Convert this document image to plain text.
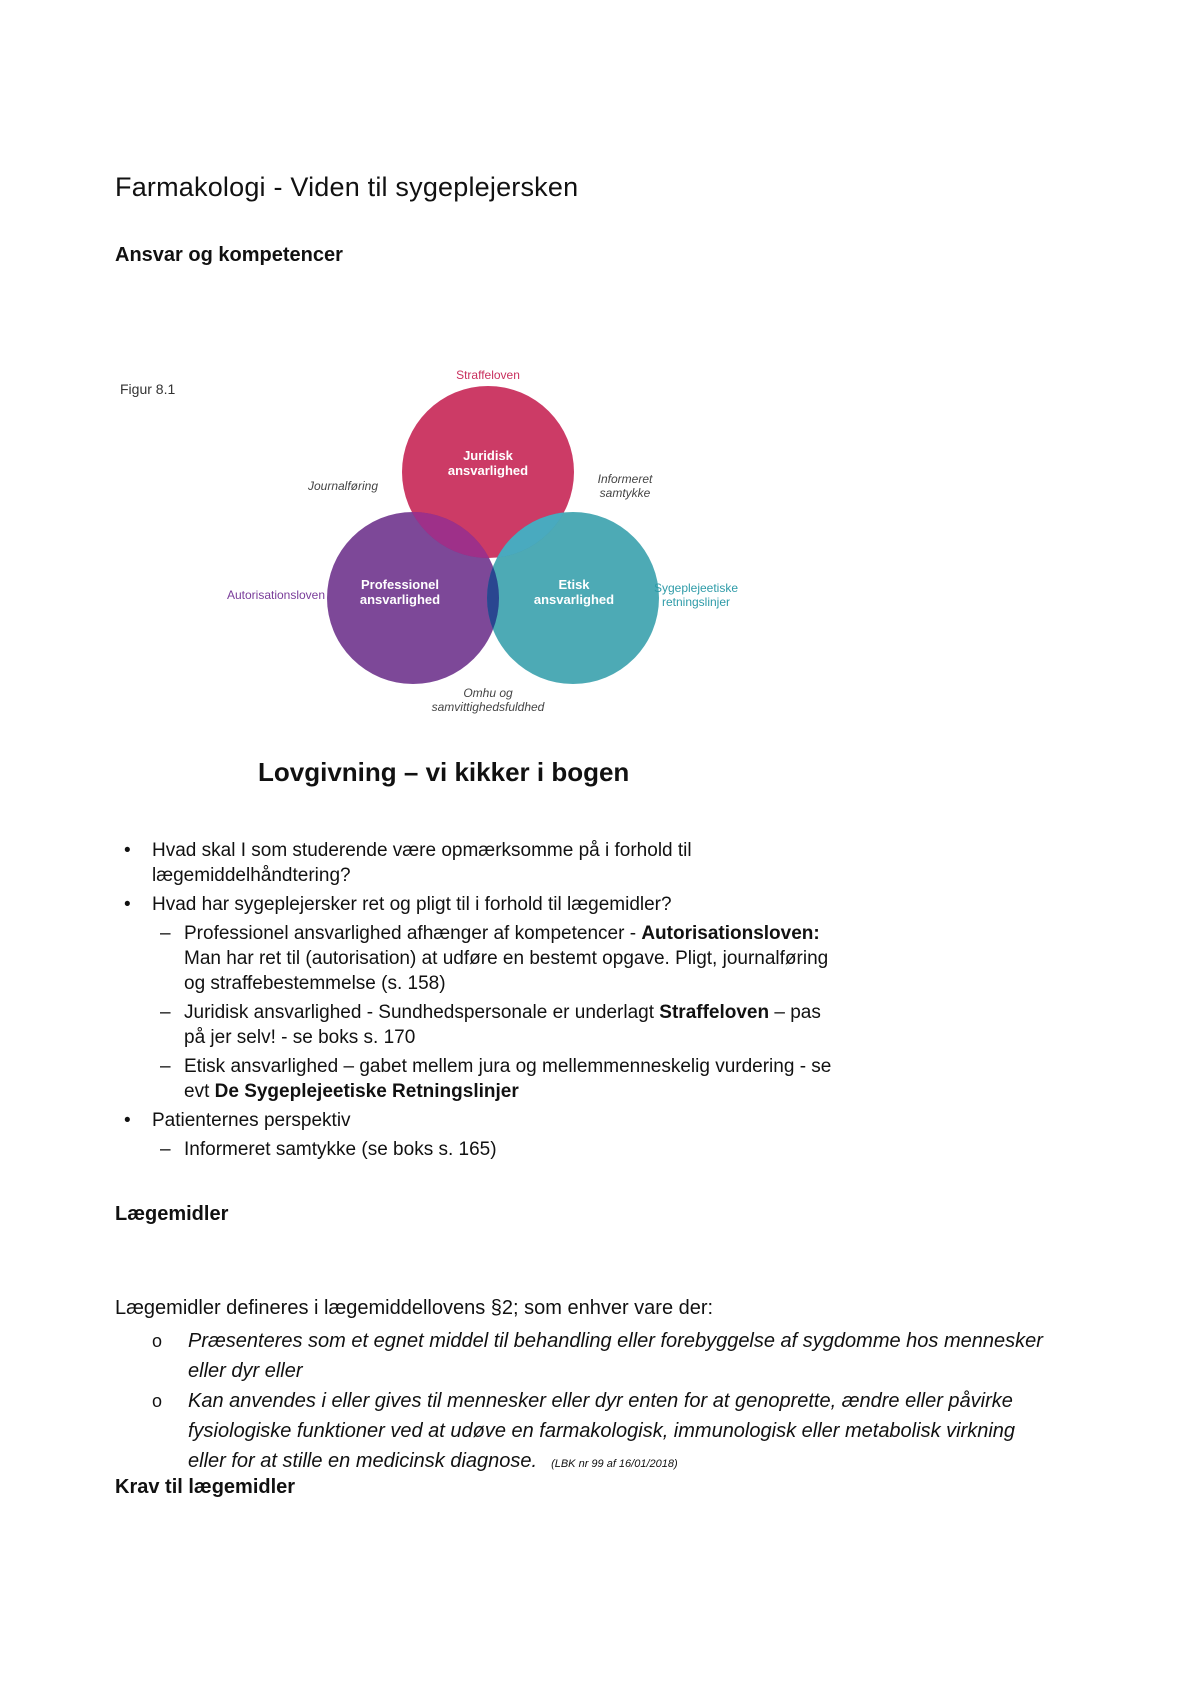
Farmakologi - Viden til sygeplejersken
Ansvar og kompetencer
Figur 8.1
Juridisk
ansvarlighed
Professionel
ansvarlighed
Etisk
ansvarlighed
Straffeloven
Journalføring	Informeret
samtykke
Autorisationsloven	Sygeplejeetiske
retningslinjer
Omhu og
samvittighedsfuldhed
Lovgivning – vi kikker i bogen
• Hvad skal I som studerende være opmærksomme på i forhold til lægemiddelhåndtering?
• Hvad har sygeplejersker ret og pligt til i forhold til lægemidler?
– Professionel ansvarlighed afhænger af kompetencer - Autorisationsloven: Man har ret til (autorisation) at udføre en bestemt opgave. Pligt, journalføring og straffebestemmelse (s. 158)
– Juridisk ansvarlighed - Sundhedspersonale er underlagt Straffeloven – pas på jer selv! - se boks s. 170
– Etisk ansvarlighed – gabet mellem jura og mellemmenneskelig vurdering - se evt De Sygeplejeetiske Retningslinjer
• Patienternes perspektiv
– Informeret samtykke (se boks s. 165)
Lægemidler
Lægemidler defineres i lægemiddellovens §2; som enhver vare der:
o Præsenteres som et egnet middel til behandling eller forebyggelse af sygdomme hos mennesker eller dyr eller
o Kan anvendes i eller gives til mennesker eller dyr enten for at genoprette, ændre eller påvirke fysiologiske funktioner ved at udøve en farmakologisk, immunologisk eller metabolisk virkning eller for at stille en medicinsk diagnose. (LBK nr 99 af 16/01/2018)
Krav til lægemidler
